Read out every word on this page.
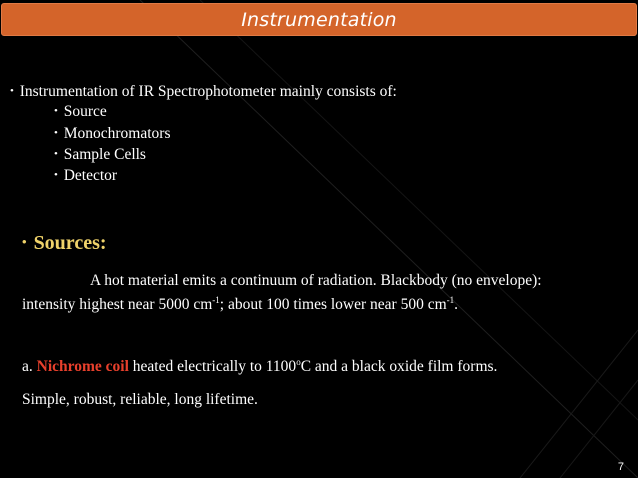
Instrumentation
• Instrumentation of IR Spectrophotometer mainly consists of:
• Source
• Monochromators
• Sample Cells
• Detector
• Sources:
A hot material emits a continuum of radiation. Blackbody (no envelope):
intensity highest near 5000 $cm^{-1}$; about 100 times lower near 500 $cm^{-1}$.
a. Nichrome coil heated electrically to 1100$^o$C and a black oxide film forms.
Simple, robust, reliable, long lifetime.
7
